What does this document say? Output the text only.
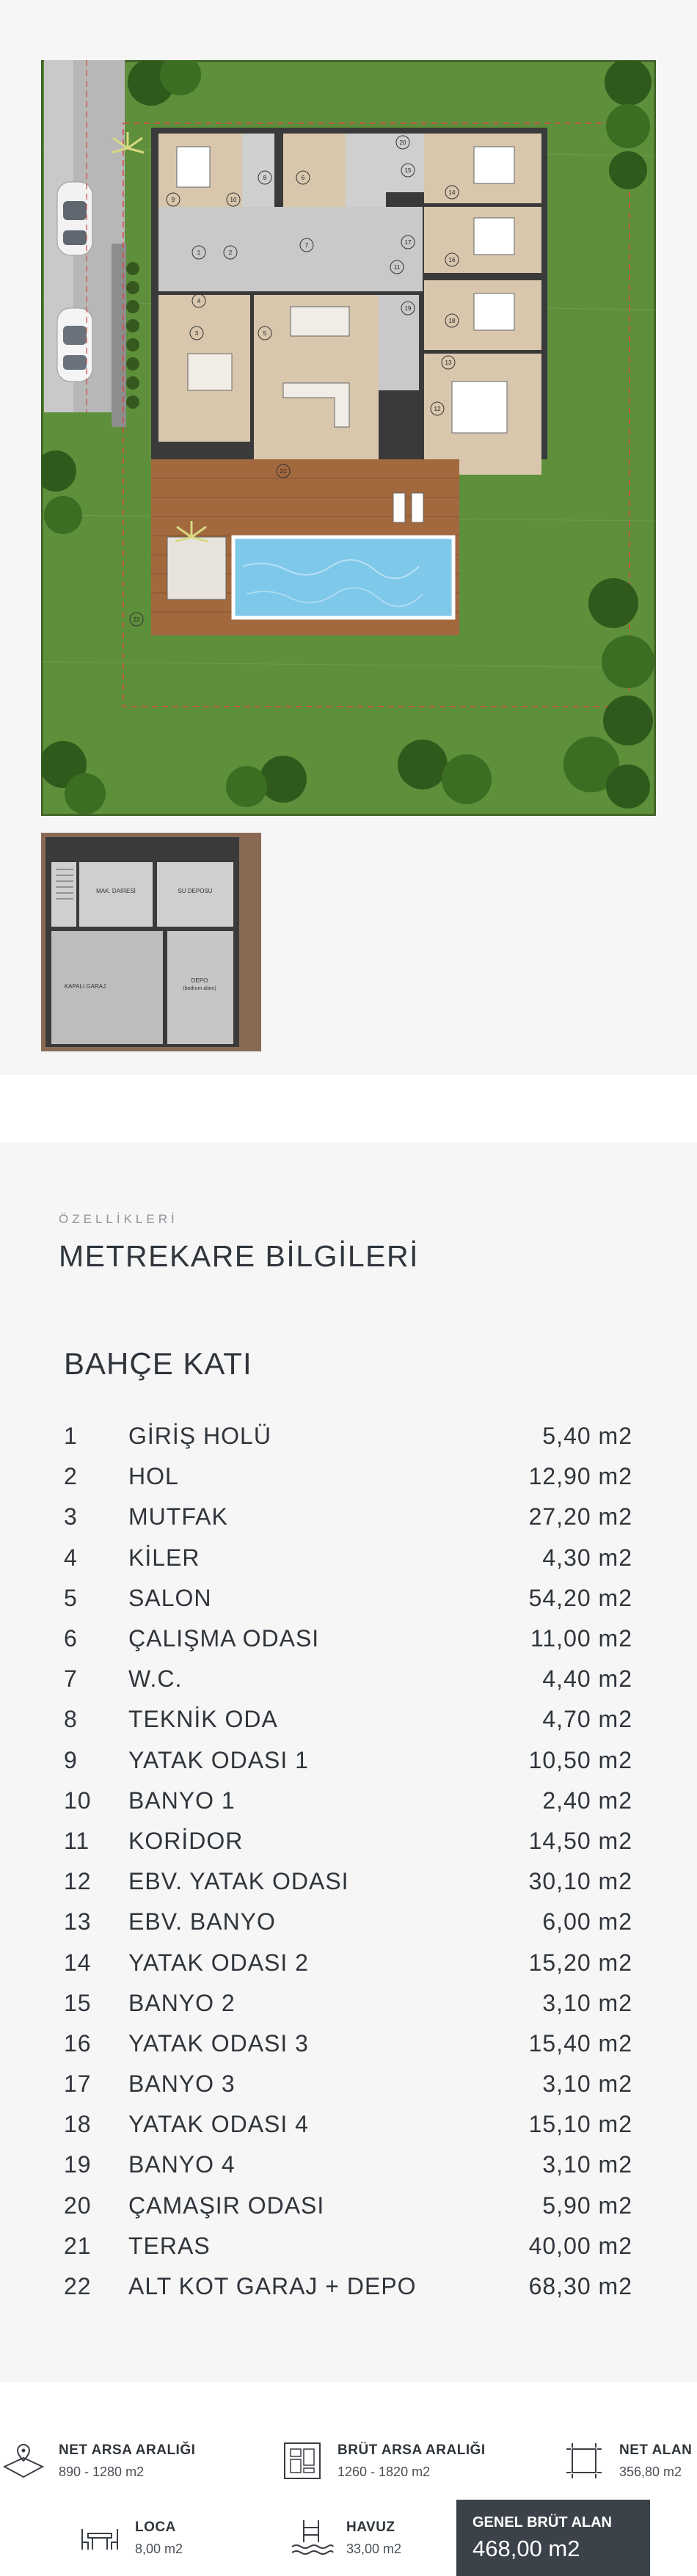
1	2
3
4
5
6
7
8
9	10
11
12
13
14
15
16
17
18
19
20
21
22
MAK. DAİRESİ	SU DEPOSU
KAPALI GARAJ
DEPO
(bodrum alanı)
ÖZELLİKLERİ
METREKARE BİLGİLERİ
BAHÇE KATI
1	GİRİŞ HOLÜ	5,40 m2
2	HOL	12,90 m2
3	MUTFAK	27,20 m2
4	KİLER	4,30 m2
5	SALON	54,20 m2
6	ÇALIŞMA ODASI	11,00 m2
7	W.C.	4,40 m2
8	TEKNİK ODA	4,70 m2
9	YATAK ODASI 1	10,50 m2
10	BANYO 1	2,40 m2
11	KORİDOR	14,50 m2
12	EBV. YATAK ODASI	30,10 m2
13	EBV. BANYO	6,00 m2
14	YATAK ODASI 2	15,20 m2
15	BANYO 2	3,10 m2
16	YATAK ODASI 3	15,40 m2
17	BANYO 3	3,10 m2
18	YATAK ODASI 4	15,10 m2
19	BANYO 4	3,10 m2
20	ÇAMAŞIR ODASI	5,90 m2
21	TERAS	40,00 m2
22	ALT KOT GARAJ + DEPO	68,30 m2
NET ARSA ARALIĞI
890 - 1280 m2
BRÜT ARSA ARALIĞI
1260 - 1820 m2
NET ALAN
356,80 m2
LOCA
8,00 m2
HAVUZ
33,00 m2
GENEL BRÜT ALAN
468,00 m2
